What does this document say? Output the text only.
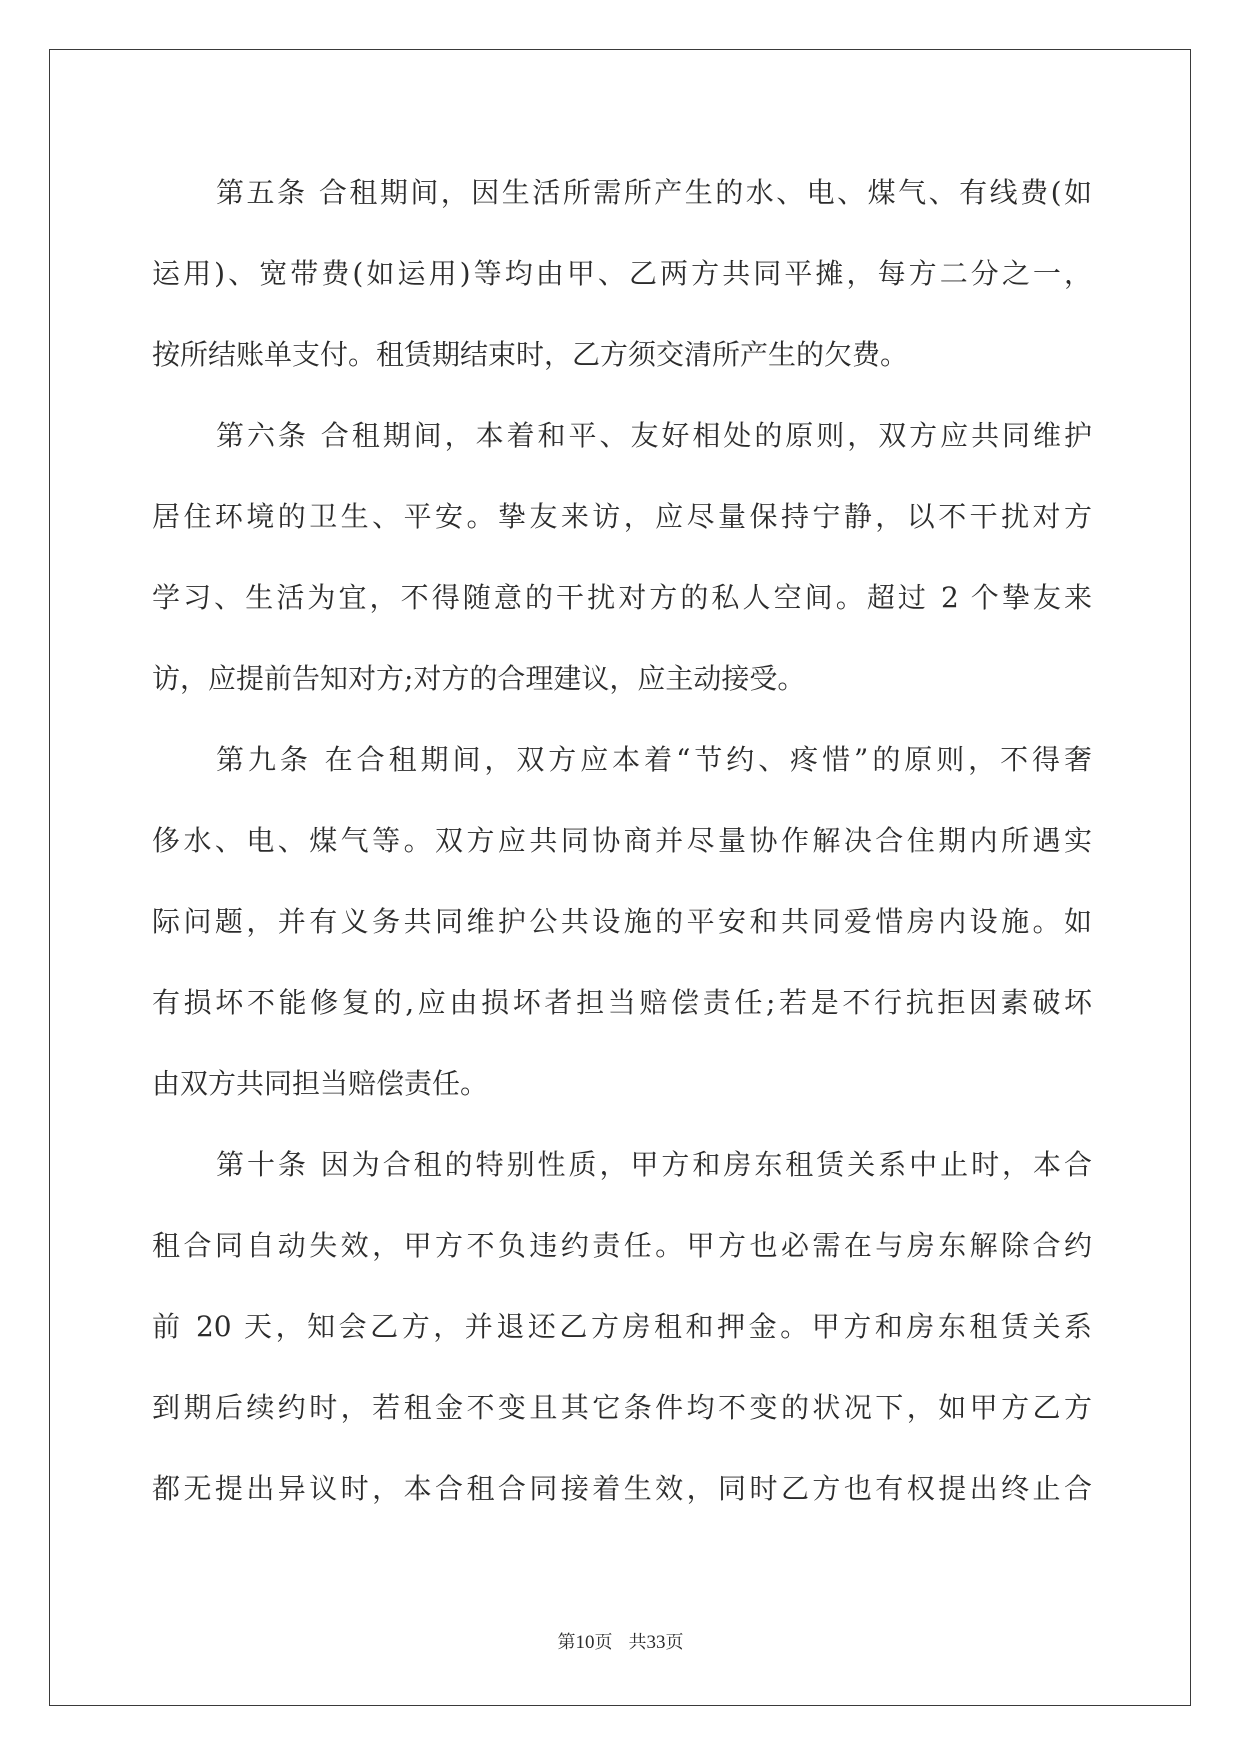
第五条 合租期间，因生活所需所产生的水、电、煤气、有线费(如
运用)、宽带费(如运用)等均由甲、乙两方共同平摊，每方二分之一，
按所结账单支付。租赁期结束时，乙方须交清所产生的欠费。
第六条 合租期间，本着和平、友好相处的原则，双方应共同维护
居住环境的卫生、平安。挚友来访，应尽量保持宁静，以不干扰对方
学习、生活为宜，不得随意的干扰对方的私人空间。超过 2 个挚友来
访，应提前告知对方;对方的合理建议，应主动接受。
第九条 在合租期间，双方应本着“节约、疼惜”的原则，不得奢
侈水、电、煤气等。双方应共同协商并尽量协作解决合住期内所遇实
际问题，并有义务共同维护公共设施的平安和共同爱惜房内设施。如
有损坏不能修复的,应由损坏者担当赔偿责任;若是不行抗拒因素破坏
由双方共同担当赔偿责任。
第十条 因为合租的特别性质，甲方和房东租赁关系中止时，本合
租合同自动失效，甲方不负违约责任。甲方也必需在与房东解除合约
前 20 天，知会乙方，并退还乙方房租和押金。甲方和房东租赁关系
到期后续约时，若租金不变且其它条件均不变的状况下，如甲方乙方
都无提出异议时，本合租合同接着生效，同时乙方也有权提出终止合
第10页 共33页
